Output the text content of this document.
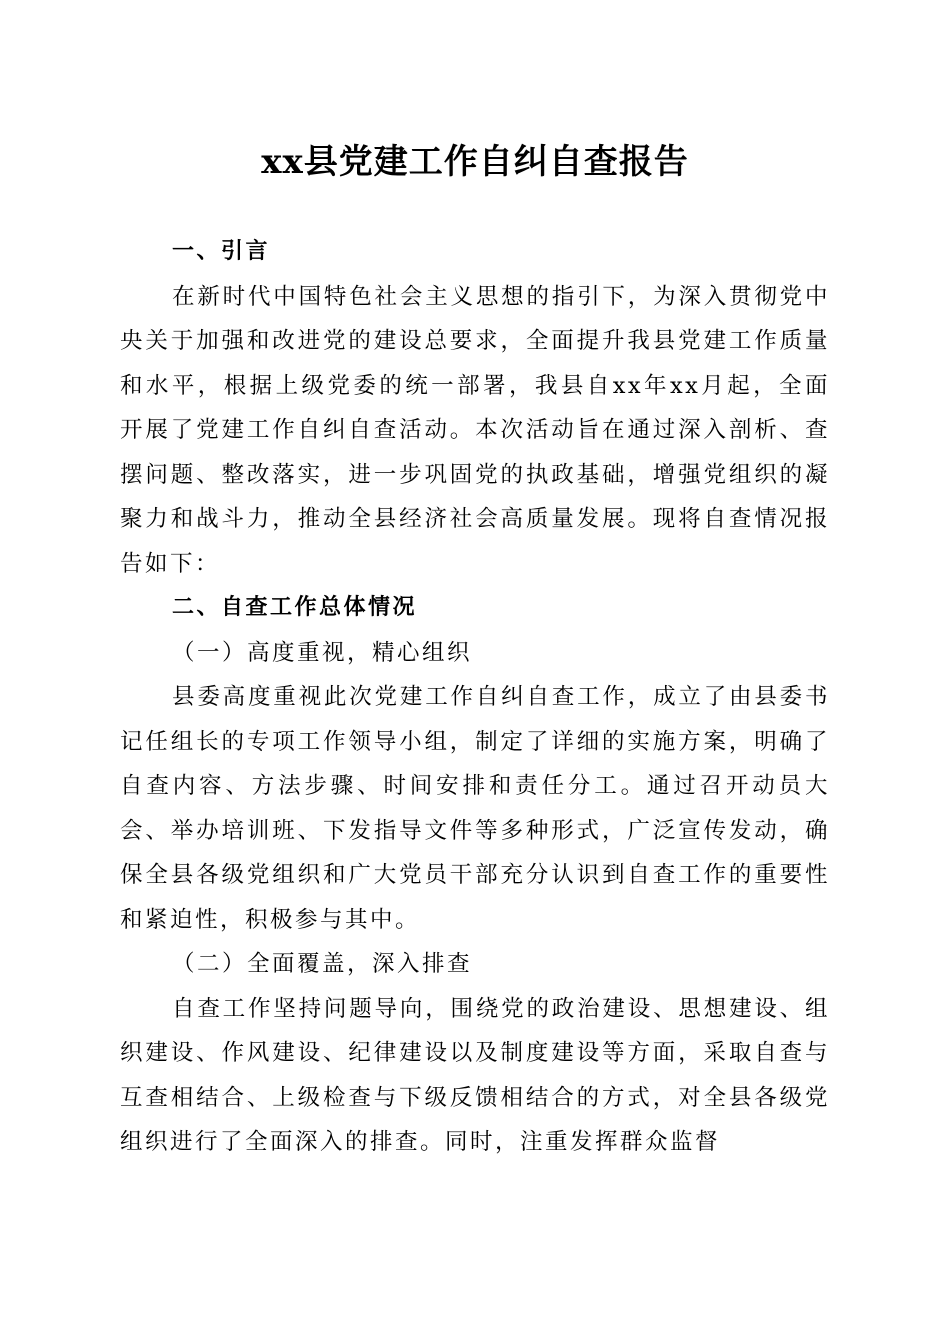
xx县党建工作自纠自查报告

一、引言

在新时代中国特色社会主义思想的指引下，为深入贯彻党中央关于加强和改进党的建设总要求，全面提升我县党建工作质量和水平，根据上级党委的统一部署，我县自xx年xx月起，全面开展了党建工作自纠自查活动。本次活动旨在通过深入剖析、查摆问题、整改落实，进一步巩固党的执政基础，增强党组织的凝聚力和战斗力，推动全县经济社会高质量发展。现将自查情况报告如下：

二、自查工作总体情况

（一）高度重视，精心组织

县委高度重视此次党建工作自纠自查工作，成立了由县委书记任组长的专项工作领导小组，制定了详细的实施方案，明确了自查内容、方法步骤、时间安排和责任分工。通过召开动员大会、举办培训班、下发指导文件等多种形式，广泛宣传发动，确保全县各级党组织和广大党员干部充分认识到自查工作的重要性和紧迫性，积极参与其中。

（二）全面覆盖，深入排查

自查工作坚持问题导向，围绕党的政治建设、思想建设、组织建设、作风建设、纪律建设以及制度建设等方面，采取自查与互查相结合、上级检查与下级反馈相结合的方式，对全县各级党组织进行了全面深入的排查。同时，注重发挥群众监督
